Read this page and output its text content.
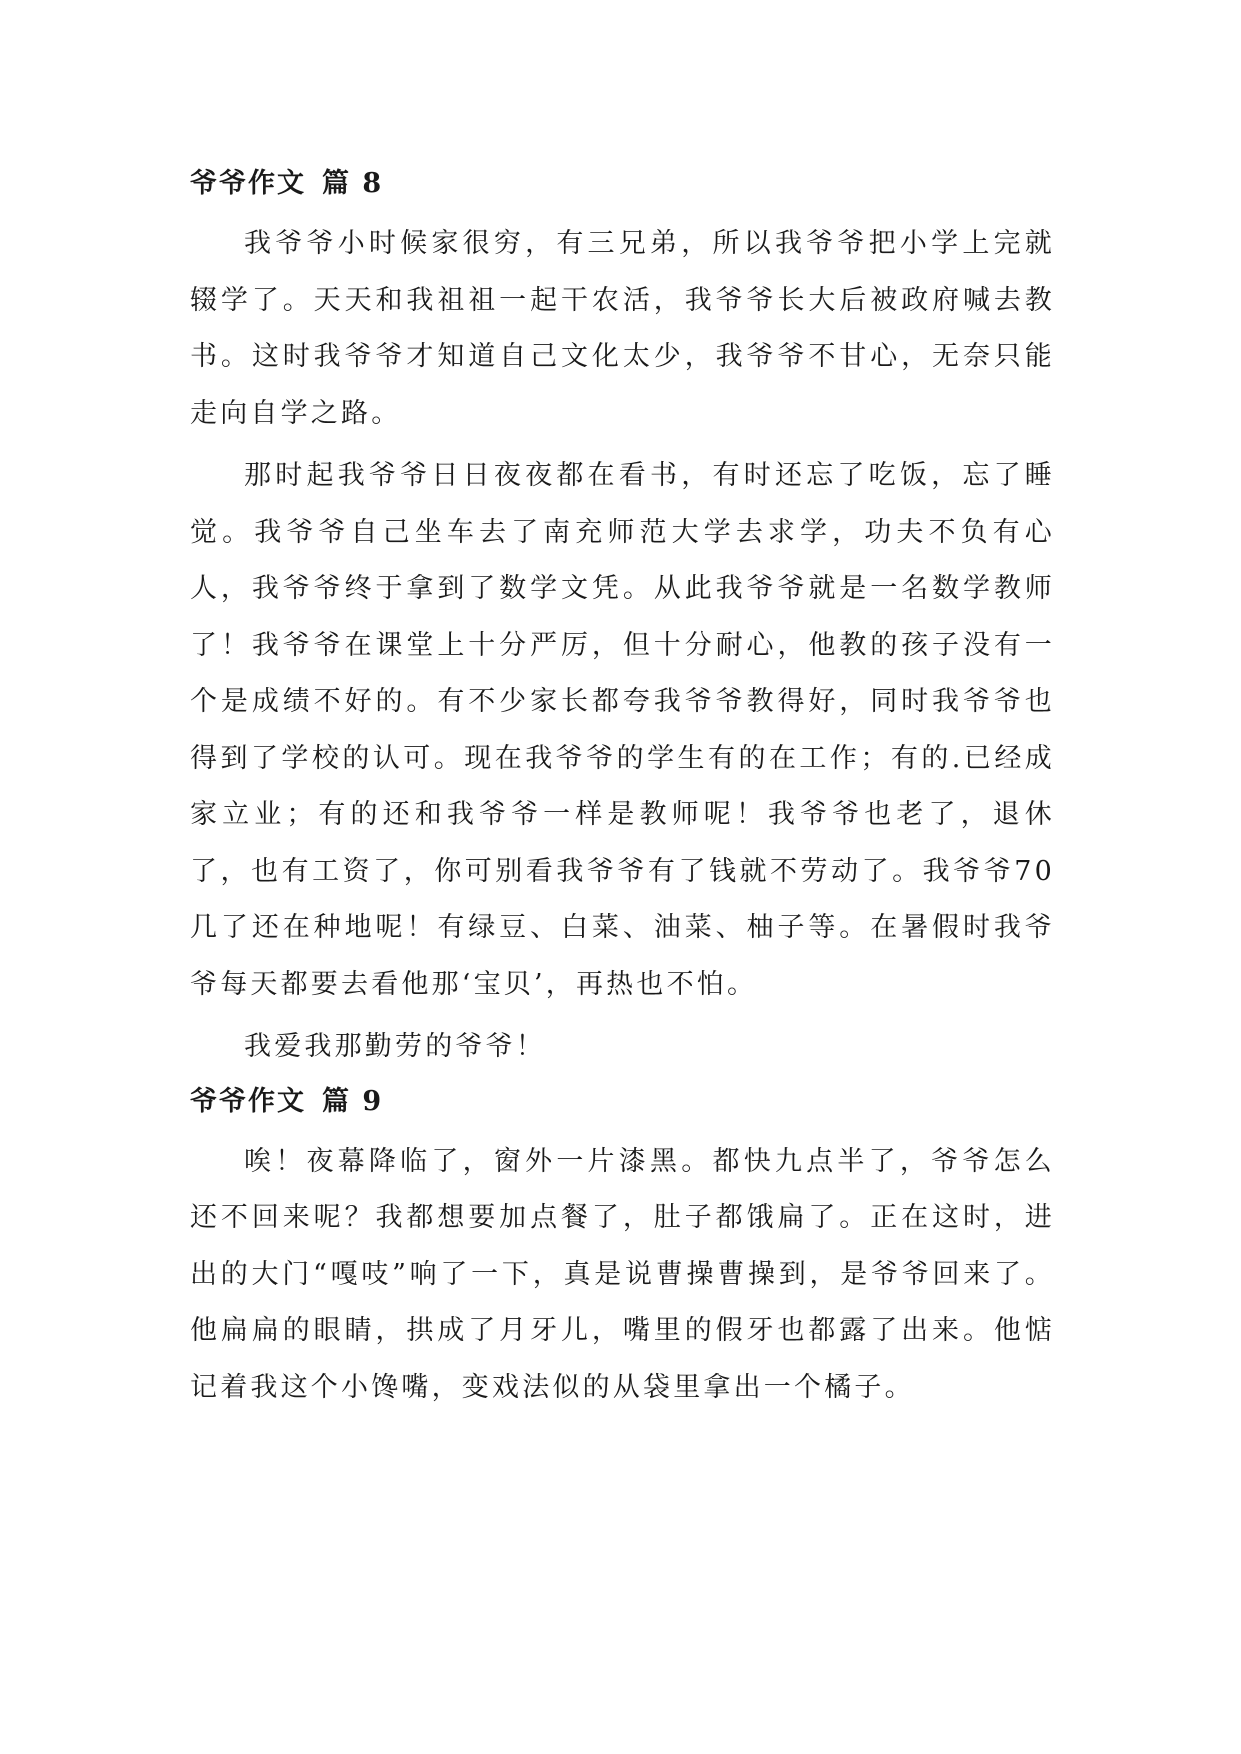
爷爷作文 篇 8

我爷爷小时候家很穷，有三兄弟，所以我爷爷把小学上完就辍学了。天天和我祖祖一起干农活，我爷爷长大后被政府喊去教书。这时我爷爷才知道自己文化太少，我爷爷不甘心，无奈只能走向自学之路。

那时起我爷爷日日夜夜都在看书，有时还忘了吃饭，忘了睡觉。我爷爷自己坐车去了南充师范大学去求学，功夫不负有心人，我爷爷终于拿到了数学文凭。从此我爷爷就是一名数学教师了！我爷爷在课堂上十分严厉，但十分耐心，他教的孩子没有一个是成绩不好的。有不少家长都夸我爷爷教得好，同时我爷爷也得到了学校的认可。现在我爷爷的学生有的在工作；有的.已经成家立业；有的还和我爷爷一样是教师呢！我爷爷也老了，退休了，也有工资了，你可别看我爷爷有了钱就不劳动了。我爷爷70几了还在种地呢！有绿豆、白菜、油菜、柚子等。在暑假时我爷爷每天都要去看他那‘宝贝’，再热也不怕。

我爱我那勤劳的爷爷！

爷爷作文 篇 9

唉！夜幕降临了，窗外一片漆黑。都快九点半了，爷爷怎么还不回来呢？我都想要加点餐了，肚子都饿扁了。正在这时，进出的大门“嘎吱”响了一下，真是说曹操曹操到，是爷爷回来了。他扁扁的眼睛，拱成了月牙儿，嘴里的假牙也都露了出来。他惦记着我这个小馋嘴，变戏法似的从袋里拿出一个橘子。
